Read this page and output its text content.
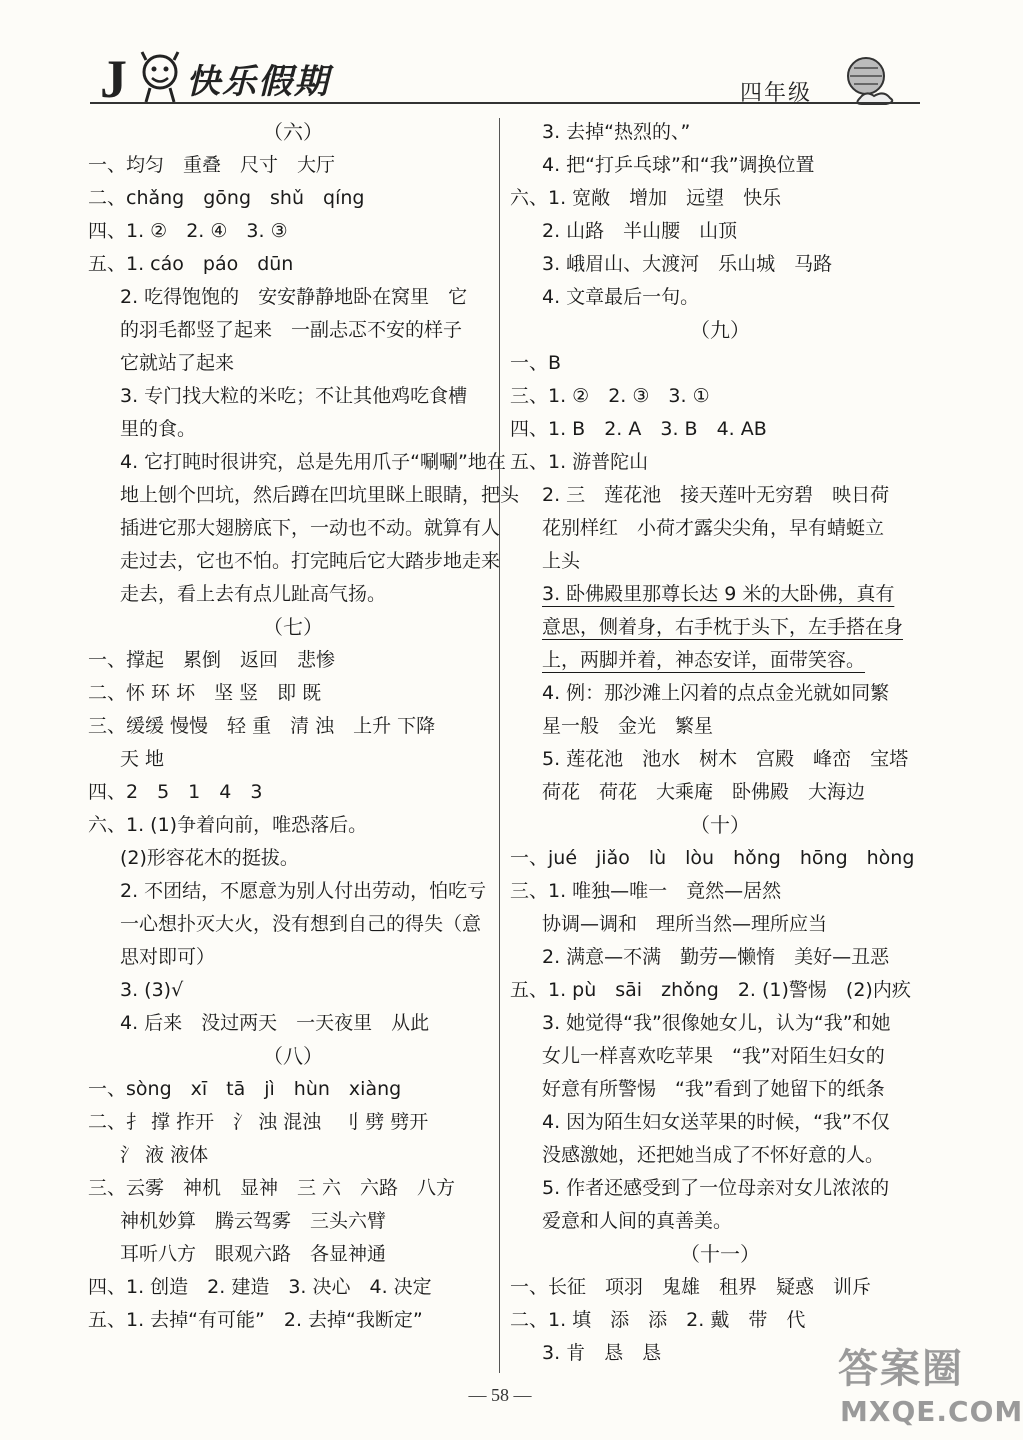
J 快乐假期	四年级
（六）
一、均匀　重叠　尺寸　大厅
二、chǎng　gōng　shǔ　qíng
四、1. ②　2. ④　3. ③
五、1. cáo　páo　dūn
2. 吃得饱饱的　安安静静地卧在窝里　它
的羽毛都竖了起来　一副忐忑不安的样子
它就站了起来
3. 专门找大粒的米吃；不让其他鸡吃食槽
里的食。
4. 它打盹时很讲究，总是先用爪子“唰唰”地在
地上刨个凹坑，然后蹲在凹坑里眯上眼睛，把头
插进它那大翅膀底下，一动也不动。就算有人
走过去，它也不怕。打完盹后它大踏步地走来
走去，看上去有点儿趾高气扬。
（七）
一、撑起　累倒　返回　悲惨
二、怀 环 坏　坚 竖　即 既
三、缓缓 慢慢　轻 重　清 浊　上升 下降
天 地
四、2　5　1　4　3
六、1. (1)争着向前，唯恐落后。
(2)形容花木的挺拔。
2. 不团结，不愿意为别人付出劳动，怕吃亏
一心想扑灭大火，没有想到自己的得失（意
思对即可）
3. (3)√
4. 后来　没过两天　一天夜里　从此
（八）
一、sòng　xī　tā　jì　hùn　xiàng
二、扌 撑 拃开　氵 浊 混浊　刂 劈 劈开
氵 液 液体
三、云雾　神机　显神　三 六　六路　八方
神机妙算　腾云驾雾　三头六臂
耳听八方　眼观六路　各显神通
四、1. 创造　2. 建造　3. 决心　4. 决定
五、1. 去掉“有可能”　2. 去掉“我断定”
3. 去掉“热烈的、”
4. 把“打乒乓球”和“我”调换位置
六、1. 宽敞　增加　远望　快乐
2. 山路　半山腰　山顶
3. 峨眉山、大渡河　乐山城　马路
4. 文章最后一句。
（九）
一、B
三、1. ②　2. ③　3. ①
四、1. B　2. A　3. B　4. AB
五、1. 游普陀山
2. 三　莲花池　接天莲叶无穷碧　映日荷
花别样红　小荷才露尖尖角，早有蜻蜓立
上头
3. 卧佛殿里那尊长达 9 米的大卧佛，真有
意思，侧着身，右手枕于头下，左手搭在身
上，两脚并着，神态安详，面带笑容。
4. 例：那沙滩上闪着的点点金光就如同繁
星一般　金光　繁星
5. 莲花池　池水　树木　宫殿　峰峦　宝塔
荷花　荷花　大乘庵　卧佛殿　大海边
（十）
一、jué　jiǎo　lù　lòu　hǒng　hōng　hòng
三、1. 唯独—唯一　竟然—居然
协调—调和　理所当然—理所应当
2. 满意—不满　勤劳—懒惰　美好—丑恶
五、1. pù　sāi　zhǒng　2. (1)警惕　(2)内疚
3. 她觉得“我”很像她女儿，认为“我”和她
女儿一样喜欢吃苹果　“我”对陌生妇女的
好意有所警惕　“我”看到了她留下的纸条
4. 因为陌生妇女送苹果的时候，“我”不仅
没感激她，还把她当成了不怀好意的人。
5. 作者还感受到了一位母亲对女儿浓浓的
爱意和人间的真善美。
（十一）
一、长征　项羽　鬼雄　租界　疑惑　训斥
二、1. 填　添　添　2. 戴　带　代
3. 肯　恳　恳
— 58 —
答案圈
MXQE.COM
